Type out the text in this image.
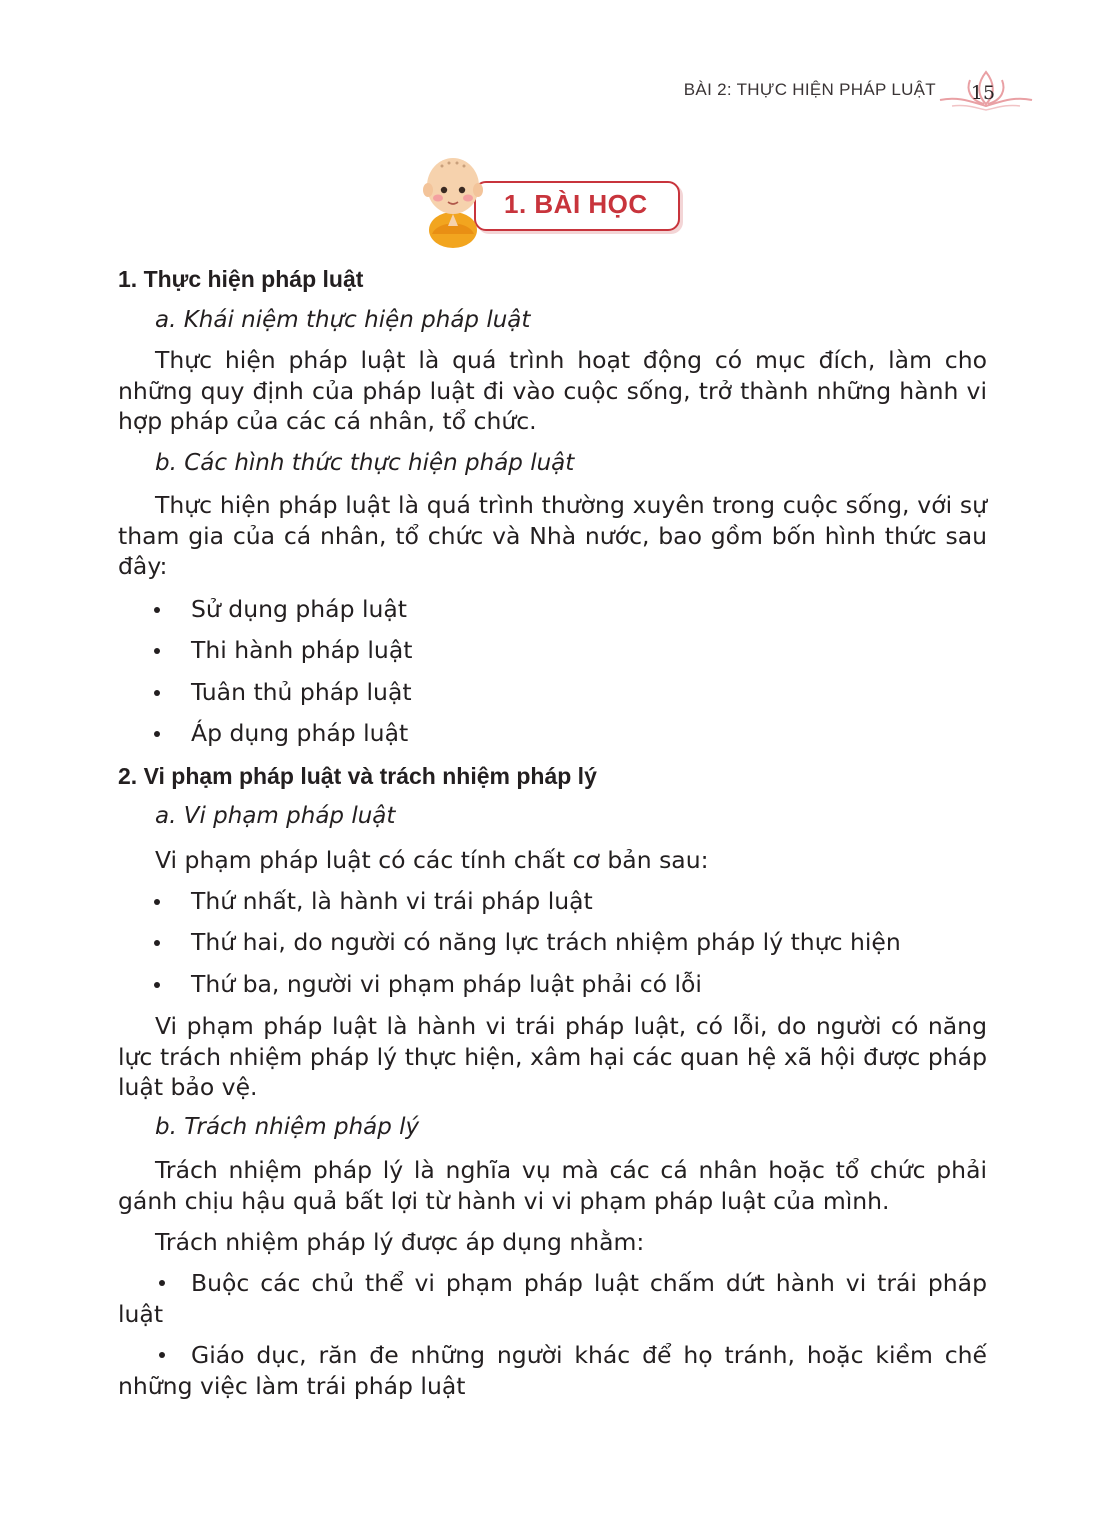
BÀI 2: THỰC HIỆN PHÁP LUẬT 15
1. BÀI HỌC
1. Thực hiện pháp luật
a. Khái niệm thực hiện pháp luật
Thực hiện pháp luật là quá trình hoạt động có mục đích, làm cho những quy định của pháp luật đi vào cuộc sống, trở thành những hành vi hợp pháp của các cá nhân, tổ chức.
b. Các hình thức thực hiện pháp luật
Thực hiện pháp luật là quá trình thường xuyên trong cuộc sống, với sự tham gia của cá nhân, tổ chức và Nhà nước, bao gồm bốn hình thức sau đây:
Sử dụng pháp luật
Thi hành pháp luật
Tuân thủ pháp luật
Áp dụng pháp luật
2. Vi phạm pháp luật và trách nhiệm pháp lý
a. Vi phạm pháp luật
Vi phạm pháp luật có các tính chất cơ bản sau:
Thứ nhất, là hành vi trái pháp luật
Thứ hai, do người có năng lực trách nhiệm pháp lý thực hiện
Thứ ba, người vi phạm pháp luật phải có lỗi
Vi phạm pháp luật là hành vi trái pháp luật, có lỗi, do người có năng lực trách nhiệm pháp lý thực hiện, xâm hại các quan hệ xã hội được pháp luật bảo vệ.
b. Trách nhiệm pháp lý
Trách nhiệm pháp lý là nghĩa vụ mà các cá nhân hoặc tổ chức phải gánh chịu hậu quả bất lợi từ hành vi vi phạm pháp luật của mình.
Trách nhiệm pháp lý được áp dụng nhằm:
Buộc các chủ thể vi phạm pháp luật chấm dứt hành vi trái pháp luật
Giáo dục, răn đe những người khác để họ tránh, hoặc kiềm chế những việc làm trái pháp luật
